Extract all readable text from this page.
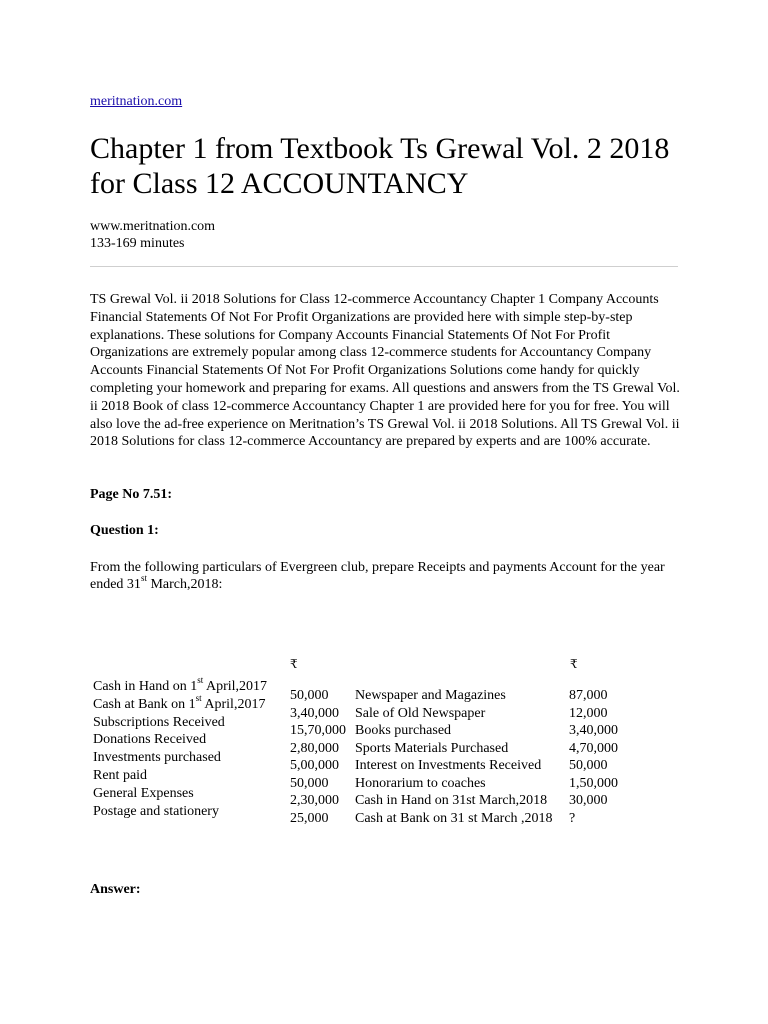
meritnation.com
Chapter 1 from Textbook Ts Grewal Vol. 2 2018 for Class 12 ACCOUNTANCY
www.meritnation.com
133-169 minutes

TS Grewal Vol. ii 2018 Solutions for Class 12-commerce Accountancy Chapter 1 Company Accounts Financial Statements Of Not For Profit Organizations are provided here with simple step-by-step explanations. These solutions for Company Accounts Financial Statements Of Not For Profit Organizations are extremely popular among class 12-commerce students for Accountancy Company Accounts Financial Statements Of Not For Profit Organizations Solutions come handy for quickly completing your homework and preparing for exams. All questions and answers from the TS Grewal Vol. ii 2018 Book of class 12-commerce Accountancy Chapter 1 are provided here for you for free. You will also love the ad-free experience on Meritnation’s TS Grewal Vol. ii 2018 Solutions. All TS Grewal Vol. ii 2018 Solutions for class 12-commerce Accountancy are prepared by experts and are 100% accurate.

Page No 7.51:
Question 1:

From the following particulars of Evergreen club, prepare Receipts and payments Account for the year ended 31st March,2018:

₹	₹
Cash in Hand on 1st April,2017
Cash at Bank on 1st April,2017
Subscriptions Received
Donations Received
Investments purchased
Rent paid
General Expenses
Postage and stationery
50,000
3,40,000
15,70,000
2,80,000
5,00,000
50,000
2,30,000
25,000
Newspaper and Magazines
Sale of Old Newspaper
Books purchased
Sports Materials Purchased
Interest on Investments Received
Honorarium to coaches
Cash in Hand on 31st March,2018
Cash at Bank on 31 st March ,2018
87,000
12,000
3,40,000
4,70,000
50,000
1,50,000
30,000
?
Answer:
